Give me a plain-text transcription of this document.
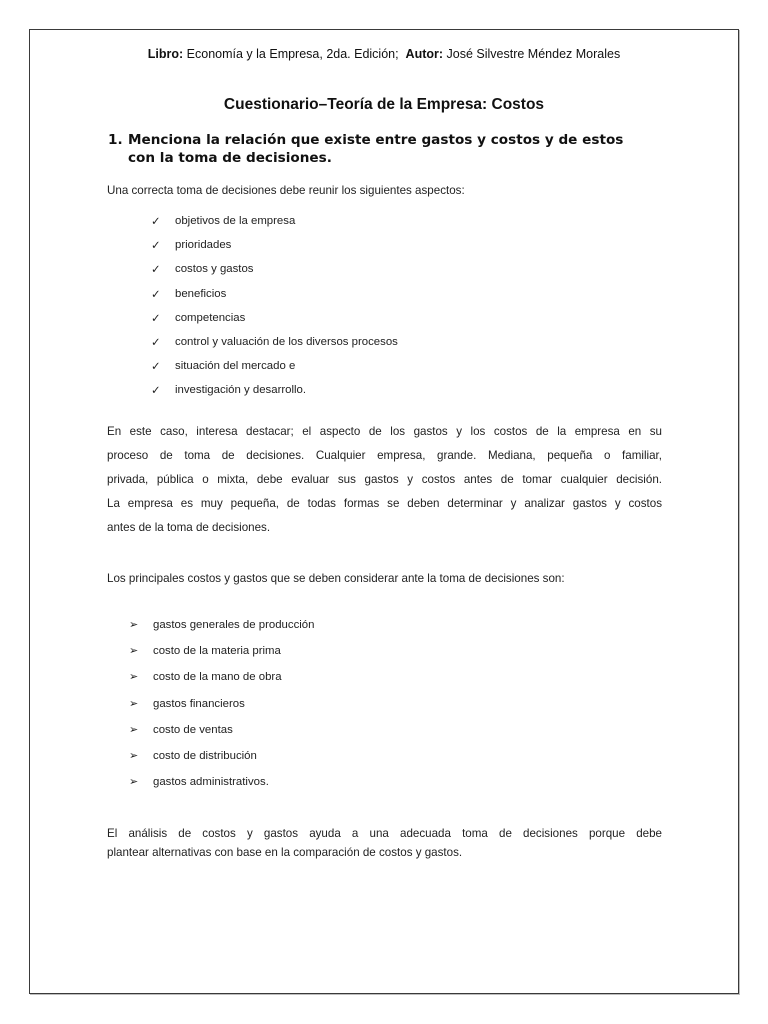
Libro: Economía y la Empresa, 2da. Edición; Autor: José Silvestre Méndez Morales
Cuestionario–Teoría de la Empresa: Costos
1. Menciona la relación que existe entre gastos y costos y de estos
con la toma de decisiones.
Una correcta toma de decisiones debe reunir los siguientes aspectos:
✓ objetivos de la empresa
✓ prioridades
✓ costos y gastos
✓ beneficios
✓ competencias
✓ control y valuación de los diversos procesos
✓ situación del mercado e
✓ investigación y desarrollo.
En este caso, interesa destacar; el aspecto de los gastos y los costos de la empresa en su
proceso de toma de decisiones. Cualquier empresa, grande. Mediana, pequeña o familiar,
privada, pública o mixta, debe evaluar sus gastos y costos antes de tomar cualquier decisión.
La empresa es muy pequeña, de todas formas se deben determinar y analizar gastos y costos
antes de la toma de decisiones.
Los principales costos y gastos que se deben considerar ante la toma de decisiones son:
➢ gastos generales de producción
➢ costo de la materia prima
➢ costo de la mano de obra
➢ gastos financieros
➢ costo de ventas
➢ costo de distribución
➢ gastos administrativos.
El análisis de costos y gastos ayuda a una adecuada toma de decisiones porque debe
plantear alternativas con base en la comparación de costos y gastos.
